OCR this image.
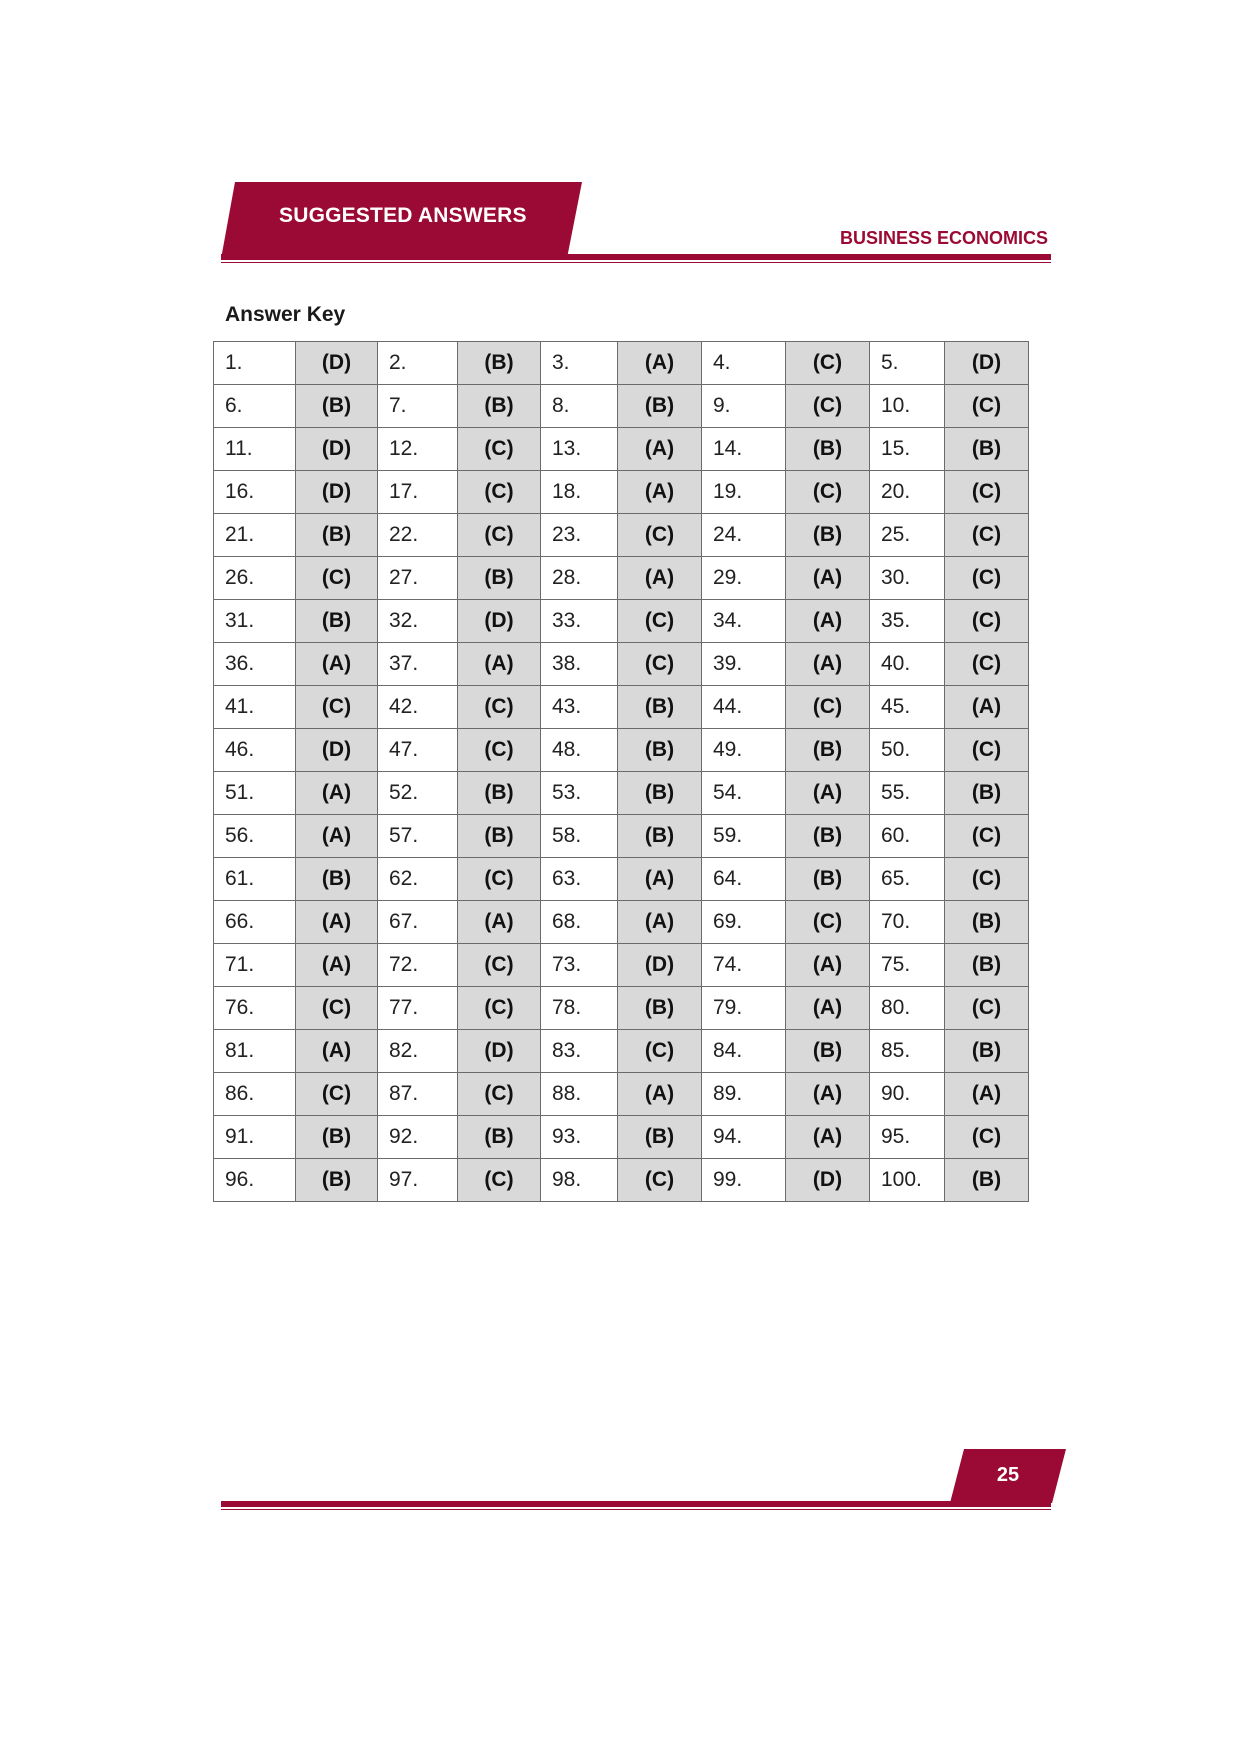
SUGGESTED ANSWERS
BUSINESS ECONOMICS
Answer Key
1.	(D)	2.	(B)	3.	(A)	4.	(C)	5.	(D)
6.	(B)	7.	(B)	8.	(B)	9.	(C)	10.	(C)
11.	(D)	12.	(C)	13.	(A)	14.	(B)	15.	(B)
16.	(D)	17.	(C)	18.	(A)	19.	(C)	20.	(C)
21.	(B)	22.	(C)	23.	(C)	24.	(B)	25.	(C)
26.	(C)	27.	(B)	28.	(A)	29.	(A)	30.	(C)
31.	(B)	32.	(D)	33.	(C)	34.	(A)	35.	(C)
36.	(A)	37.	(A)	38.	(C)	39.	(A)	40.	(C)
41.	(C)	42.	(C)	43.	(B)	44.	(C)	45.	(A)
46.	(D)	47.	(C)	48.	(B)	49.	(B)	50.	(C)
51.	(A)	52.	(B)	53.	(B)	54.	(A)	55.	(B)
56.	(A)	57.	(B)	58.	(B)	59.	(B)	60.	(C)
61.	(B)	62.	(C)	63.	(A)	64.	(B)	65.	(C)
66.	(A)	67.	(A)	68.	(A)	69.	(C)	70.	(B)
71.	(A)	72.	(C)	73.	(D)	74.	(A)	75.	(B)
76.	(C)	77.	(C)	78.	(B)	79.	(A)	80.	(C)
81.	(A)	82.	(D)	83.	(C)	84.	(B)	85.	(B)
86.	(C)	87.	(C)	88.	(A)	89.	(A)	90.	(A)
91.	(B)	92.	(B)	93.	(B)	94.	(A)	95.	(C)
96.	(B)	97.	(C)	98.	(C)	99.	(D)	100.	(B)
25
